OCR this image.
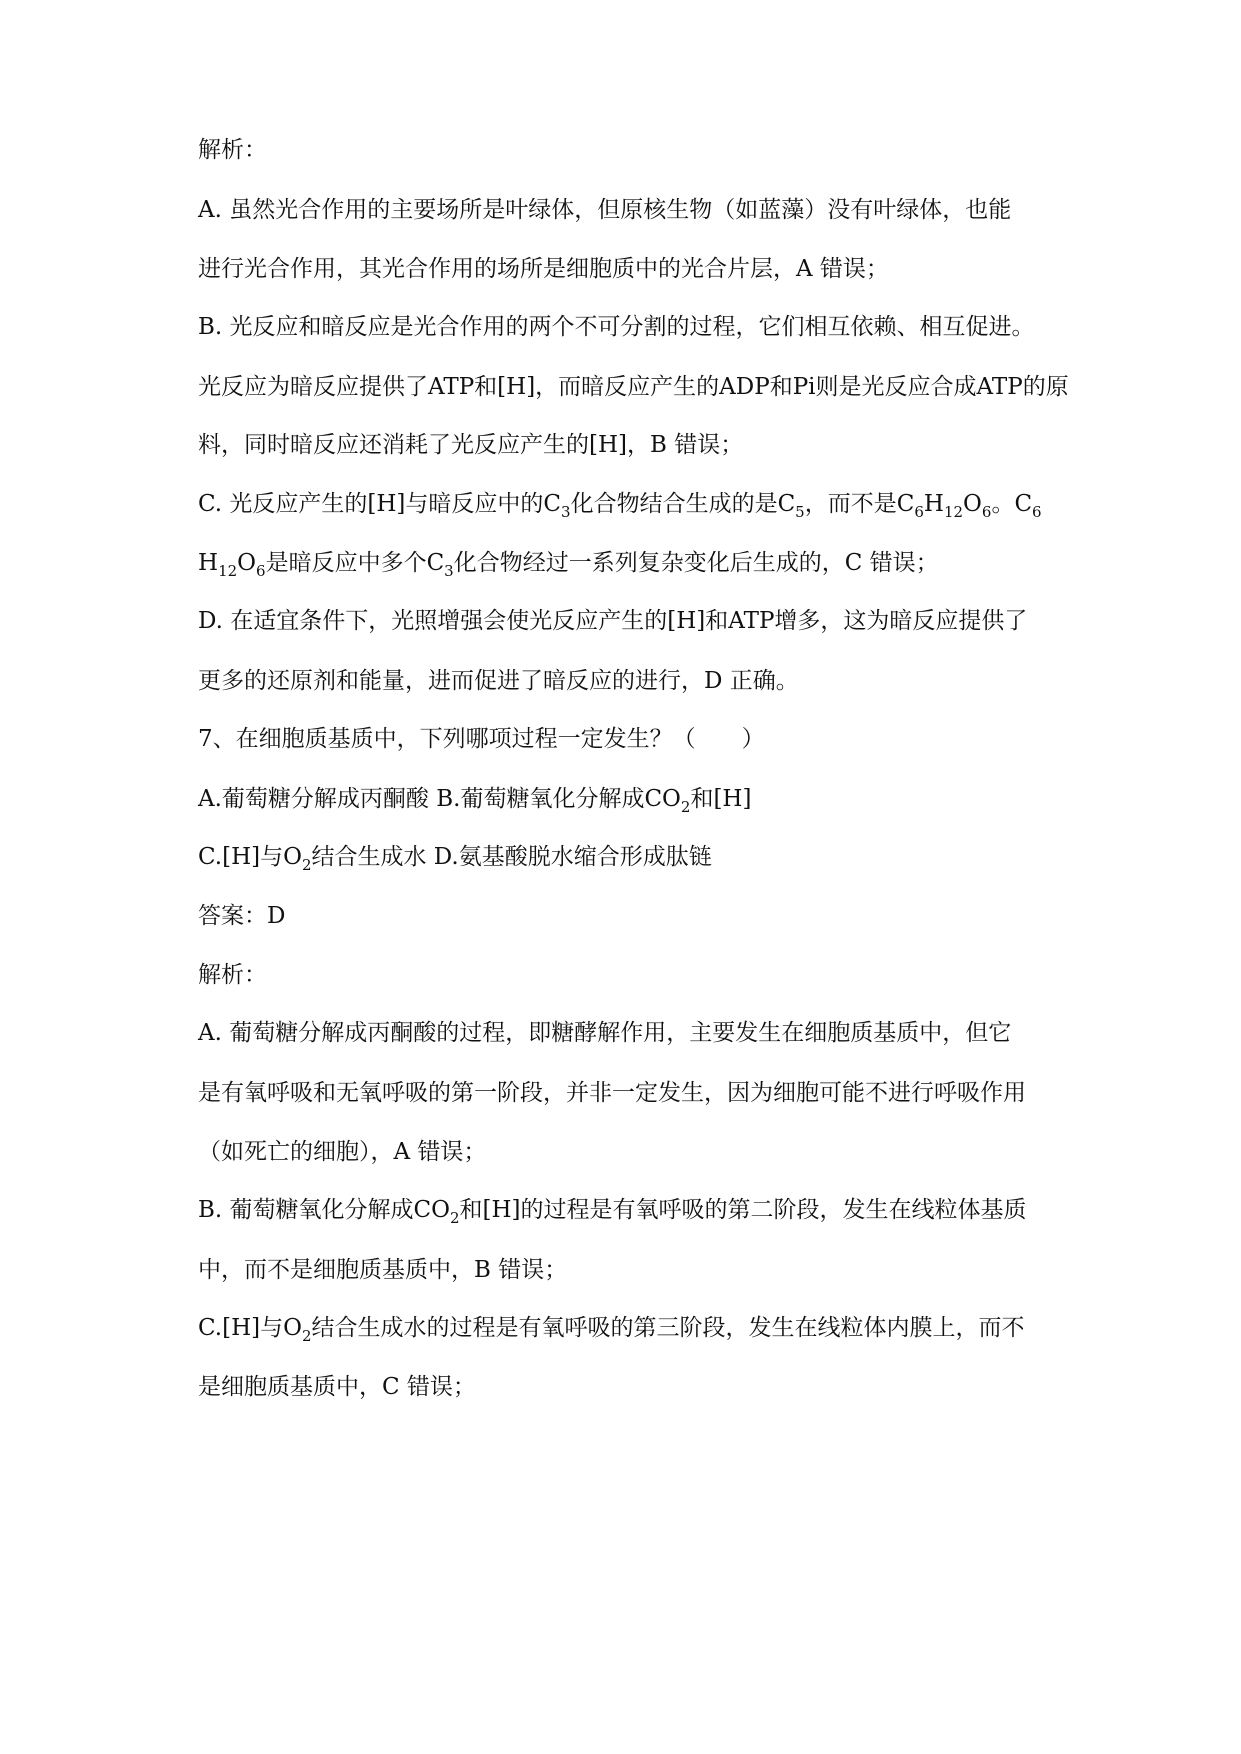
解析：
A. 虽然光合作用的主要场所是叶绿体，但原核生物（如蓝藻）没有叶绿体，也能
进行光合作用，其光合作用的场所是细胞质中的光合片层，A 错误；
B. 光反应和暗反应是光合作用的两个不可分割的过程，它们相互依赖、相互促进。
光反应为暗反应提供了ATP和[H]，而暗反应产生的ADP和Pi则是光反应合成ATP的原
料，同时暗反应还消耗了光反应产生的[H]，B 错误；
C. 光反应产生的[H]与暗反应中的$C_3$化合物结合生成的是$C_5$，而不是$C_6H_{12}O_6$。$C_6$
$H_{12}O_6$是暗反应中多个$C_3$化合物经过一系列复杂变化后生成的，C 错误；
D. 在适宜条件下，光照增强会使光反应产生的[H]和ATP增多，这为暗反应提供了
更多的还原剂和能量，进而促进了暗反应的进行，D 正确。
7、在细胞质基质中，下列哪项过程一定发生？（　　）
A.葡萄糖分解成丙酮酸 B.葡萄糖氧化分解成$CO_2$和[H]
C.[H]与$O_2$结合生成水 D.氨基酸脱水缩合形成肽链
答案：D
解析：
A. 葡萄糖分解成丙酮酸的过程，即糖酵解作用，主要发生在细胞质基质中，但它
是有氧呼吸和无氧呼吸的第一阶段，并非一定发生，因为细胞可能不进行呼吸作用
（如死亡的细胞），A 错误；
B. 葡萄糖氧化分解成$CO_2$和[H]的过程是有氧呼吸的第二阶段，发生在线粒体基质
中，而不是细胞质基质中，B 错误；
C.[H]与$O_2$结合生成水的过程是有氧呼吸的第三阶段，发生在线粒体内膜上，而不
是细胞质基质中，C 错误；
